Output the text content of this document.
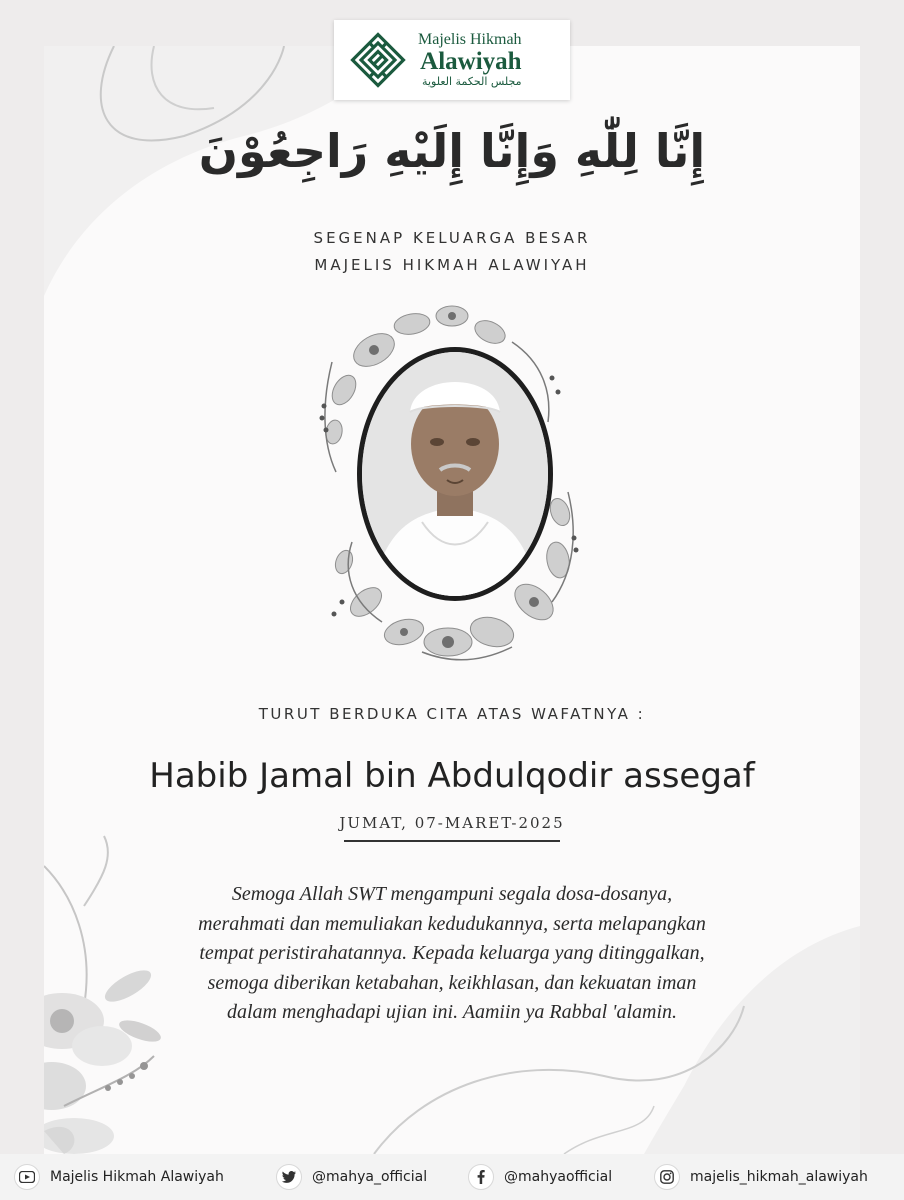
Majelis Hikmah
Alawiyah
مجلس الحكمة العلوية
إِنَّا لِلّٰهِ وَإِنَّا إِلَيْهِ رَاجِعُوْنَ
SEGENAP KELUARGA BESAR
MAJELIS HIKMAH ALAWIYAH
TURUT BERDUKA CITA ATAS WAFATNYA :
Habib Jamal bin Abdulqodir assegaf
JUMAT, 07-MARET-2025
Semoga Allah SWT mengampuni segala dosa-dosanya,
merahmati dan memuliakan kedudukannya, serta melapangkan
tempat peristirahatannya. Kepada keluarga yang ditinggalkan,
semoga diberikan ketabahan, keikhlasan, dan kekuatan iman
dalam menghadapi ujian ini. Aamiin ya Rabbal 'alamin.
Majelis Hikmah Alawiyah	@mahya_official	@mahyaofficial	majelis_hikmah_alawiyah
